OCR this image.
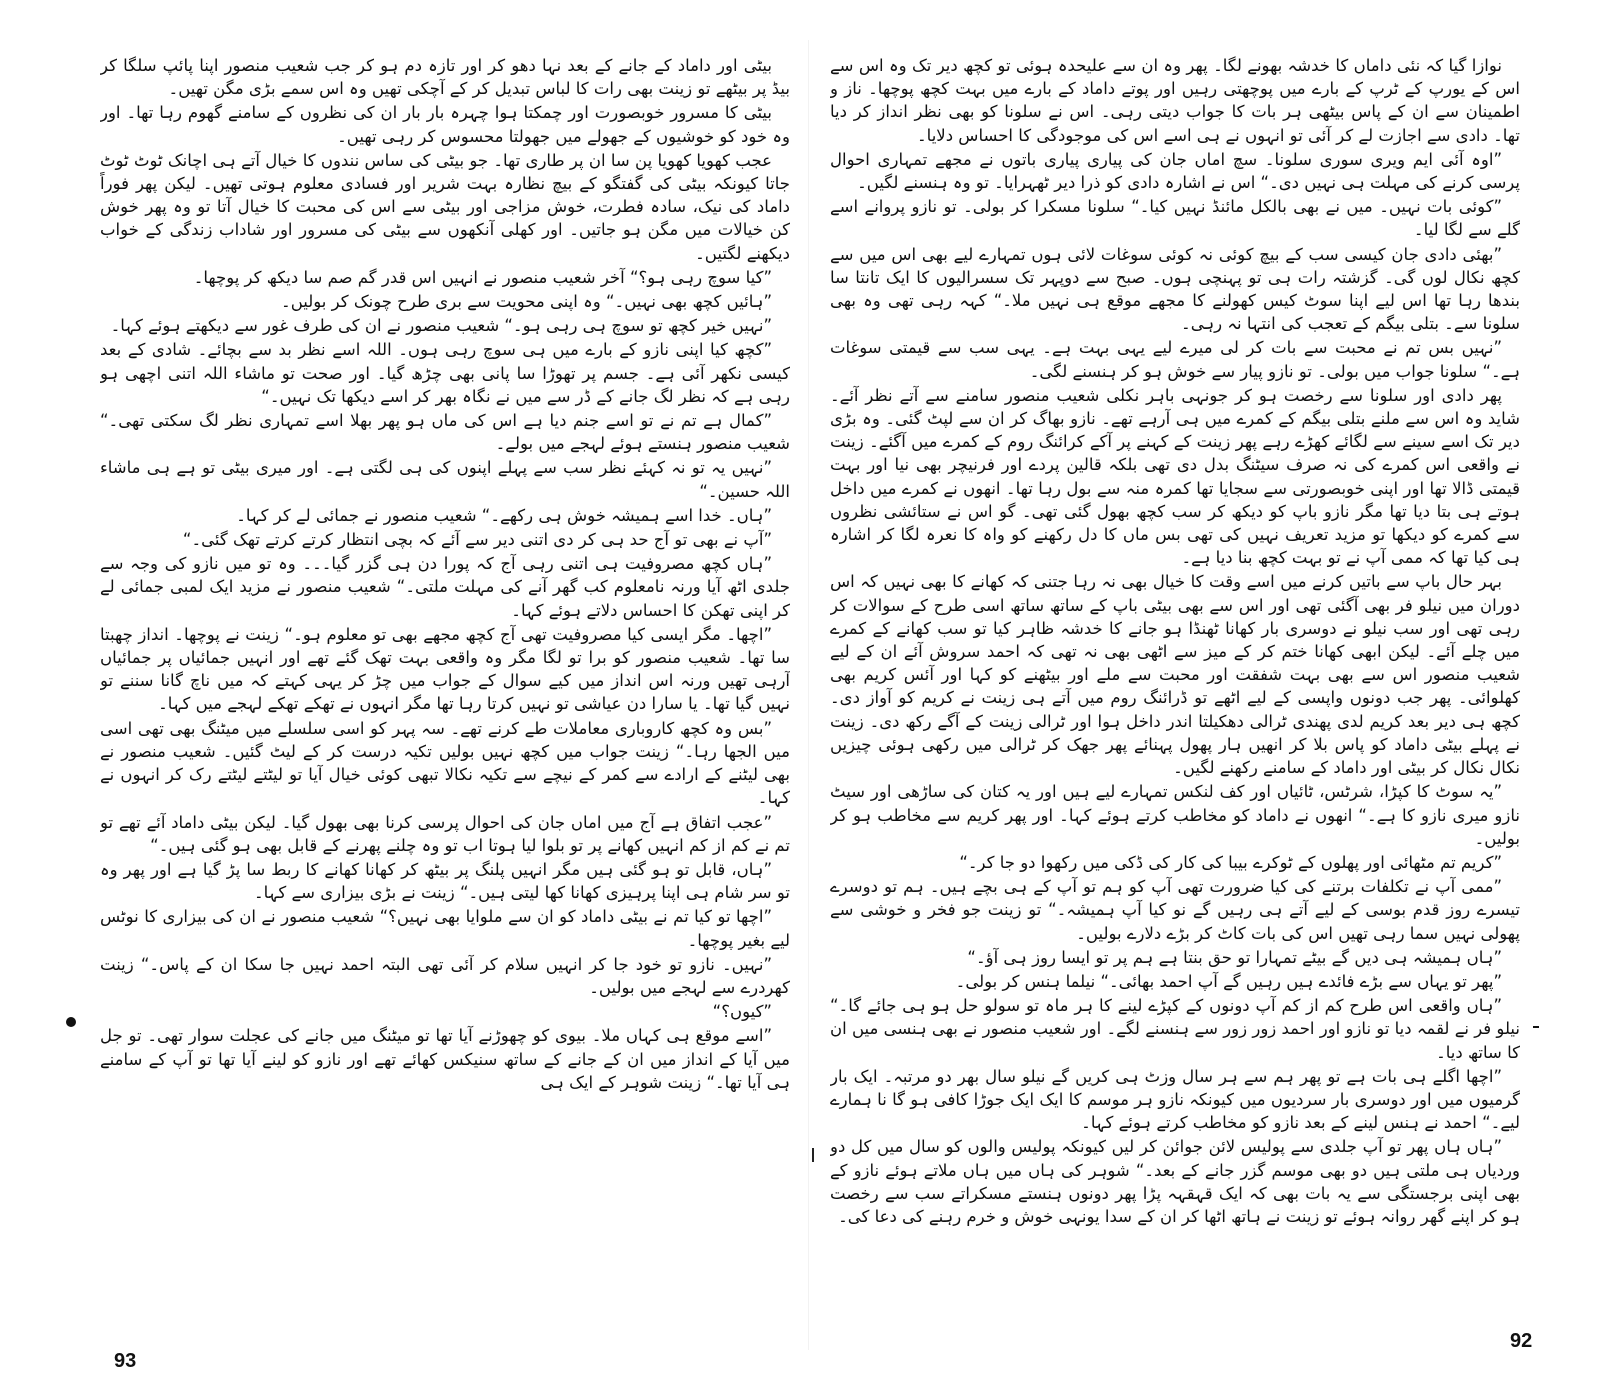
بیٹی اور داماد کے جانے کے بعد نہا دھو کر اور تازہ دم ہو کر جب شعیب منصور اپنا پائپ سلگا کر بیڈ پر بیٹھے تو زینت بھی رات کا لباس تبدیل کر کے آچکی تھیں وہ اس سمے بڑی مگن تھیں۔

بیٹی کا مسرور خوبصورت اور چمکتا ہوا چہرہ بار بار ان کی نظروں کے سامنے گھوم رہا تھا۔ اور وہ خود کو خوشیوں کے جھولے میں جھولتا محسوس کر رہی تھیں۔

عجب کھویا کھویا پن سا ان پر طاری تھا۔ جو بیٹی کی ساس نندوں کا خیال آتے ہی اچانک ٹوٹ ٹوٹ جاتا کیونکہ بیٹی کی گفتگو کے بیچ نظارہ بہت شریر اور فسادی معلوم ہوتی تھیں۔ لیکن پھر فوراً داماد کی نیک، سادہ فطرت، خوش مزاجی اور بیٹی سے اس کی محبت کا خیال آتا تو وہ پھر خوش کن خیالات میں مگن ہو جاتیں۔ اور کھلی آنکھوں سے بیٹی کی مسرور اور شاداب زندگی کے خواب دیکھنے لگتیں۔

”کیا سوچ رہی ہو؟“ آخر شعیب منصور نے انہیں اس قدر گم صم سا دیکھ کر پوچھا۔

”ہائیں کچھ بھی نہیں۔“ وہ اپنی محویت سے بری طرح چونک کر بولیں۔

”نہیں خیر کچھ تو سوچ ہی رہی ہو۔“ شعیب منصور نے ان کی طرف غور سے دیکھتے ہوئے کہا۔

”کچھ کیا اپنی نازو کے بارے میں ہی سوچ رہی ہوں۔ اللہ اسے نظر بد سے بچائے۔ شادی کے بعد کیسی نکھر آئی ہے۔ جسم پر تھوڑا سا پانی بھی چڑھ گیا۔ اور صحت تو ماشاء اللہ اتنی اچھی ہو رہی ہے کہ نظر لگ جانے کے ڈر سے میں نے نگاہ بھر کر اسے دیکھا تک نہیں۔“

”کمال ہے تم نے تو اسے جنم دیا ہے اس کی ماں ہو پھر بھلا اسے تمہاری نظر لگ سکتی تھی۔“ شعیب منصور ہنستے ہوئے لہجے میں بولے۔

”نہیں یہ تو نہ کہئے نظر سب سے پہلے اپنوں کی ہی لگتی ہے۔ اور میری بیٹی تو ہے ہی ماشاء اللہ حسین۔“

”ہاں۔ خدا اسے ہمیشہ خوش ہی رکھے۔“ شعیب منصور نے جمائی لے کر کہا۔

”آپ نے بھی تو آج حد ہی کر دی اتنی دیر سے آئے کہ بچی انتظار کرتے کرتے تھک گئی۔“

”ہاں کچھ مصروفیت ہی اتنی رہی آج کہ پورا دن ہی گزر گیا۔۔۔ وہ تو میں نازو کی وجہ سے جلدی اٹھ آیا ورنہ نامعلوم کب گھر آنے کی مہلت ملتی۔“ شعیب منصور نے مزید ایک لمبی جمائی لے کر اپنی تھکن کا احساس دلاتے ہوئے کہا۔

”اچھا۔ مگر ایسی کیا مصروفیت تھی آج کچھ مجھے بھی تو معلوم ہو۔“ زینت نے پوچھا۔ انداز چھبتا سا تھا۔ شعیب منصور کو برا تو لگا مگر وہ واقعی بہت تھک گئے تھے اور انہیں جمائیاں پر جمائیاں آرہی تھیں ورنہ اس انداز میں کیے سوال کے جواب میں چڑ کر یہی کہتے کہ میں ناچ گانا سننے تو نہیں گیا تھا۔ یا سارا دن عیاشی تو نہیں کرتا رہا تھا مگر انہوں نے تھکے تھکے لہجے میں کہا۔

”بس وہ کچھ کاروباری معاملات طے کرنے تھے۔ سہ پہر کو اسی سلسلے میں میٹنگ بھی تھی اسی میں الجھا رہا۔“ زینت جواب میں کچھ نہیں بولیں تکیہ درست کر کے لیٹ گئیں۔ شعیب منصور نے بھی لیٹنے کے ارادے سے کمر کے نیچے سے تکیہ نکالا تبھی کوئی خیال آیا تو لیٹتے لیٹتے رک کر انہوں نے کہا۔

”عجب اتفاق ہے آج میں اماں جان کی احوال پرسی کرنا بھی بھول گیا۔ لیکن بیٹی داماد آئے تھے تو تم نے کم از کم انہیں کھانے پر تو بلوا لیا ہوتا اب تو وہ چلنے پھرنے کے قابل بھی ہو گئی ہیں۔“

”ہاں، قابل تو ہو گئی ہیں مگر انہیں پلنگ پر بیٹھ کر کھانا کھانے کا ربط سا پڑ گیا ہے اور پھر وہ تو سر شام ہی اپنا پرہیزی کھانا کھا لیتی ہیں۔“ زینت نے بڑی بیزاری سے کہا۔

”اچھا تو کیا تم نے بیٹی داماد کو ان سے ملوایا بھی نہیں؟“ شعیب منصور نے ان کی بیزاری کا نوٹس لیے بغیر پوچھا۔

”نہیں۔ نازو تو خود جا کر انہیں سلام کر آئی تھی البتہ احمد نہیں جا سکا ان کے پاس۔“ زینت کھردرے سے لہجے میں بولیں۔

”کیوں؟“

”اسے موقع ہی کہاں ملا۔ بیوی کو چھوڑنے آیا تھا تو میٹنگ میں جانے کی عجلت سوار تھی۔ تو جل میں آیا کے انداز میں ان کے جانے کے ساتھ سنیکس کھائے تھے اور نازو کو لینے آیا تھا تو آپ کے سامنے ہی آیا تھا۔“ زینت شوہر کے ایک ہی

نوازا گیا کہ نئی داماں کا خدشہ بھونے لگا۔ پھر وہ ان سے علیحدہ ہوئی تو کچھ دیر تک وہ اس سے اس کے یورپ کے ٹرپ کے بارے میں پوچھتی رہیں اور پوتے داماد کے بارے میں بہت کچھ پوچھا۔ ناز و اطمینان سے ان کے پاس بیٹھی ہر بات کا جواب دیتی رہی۔ اس نے سلونا کو بھی نظر انداز کر دیا تھا۔ دادی سے اجازت لے کر آئی تو انہوں نے ہی اسے اس کی موجودگی کا احساس دلایا۔

”اوہ آئی ایم ویری سوری سلونا۔ سچ اماں جان کی پیاری پیاری باتوں نے مجھے تمہاری احوال پرسی کرنے کی مہلت ہی نہیں دی۔“ اس نے اشارہ دادی کو ذرا دیر ٹھہرایا۔ تو وہ ہنسنے لگیں۔

”کوئی بات نہیں۔ میں نے بھی بالکل مائنڈ نہیں کیا۔“ سلونا مسکرا کر بولی۔ تو نازو پروانے اسے گلے سے لگا لیا۔

”بھئی دادی جان کیسی سب کے بیچ کوئی نہ کوئی سوغات لائی ہوں تمہارے لیے بھی اس میں سے کچھ نکال لوں گی۔ گزشتہ رات ہی تو پہنچی ہوں۔ صبح سے دوپہر تک سسرالیوں کا ایک تانتا سا بندھا رہا تھا اس لیے اپنا سوٹ کیس کھولنے کا مجھے موقع ہی نہیں ملا۔“ کہہ رہی تھی وہ بھی سلونا سے۔ بتلی بیگم کے تعجب کی انتہا نہ رہی۔

”نہیں بس تم نے محبت سے بات کر لی میرے لیے یہی بہت ہے۔ یہی سب سے قیمتی سوغات ہے۔“ سلونا جواب میں بولی۔ تو نازو پیار سے خوش ہو کر ہنسنے لگی۔

پھر دادی اور سلونا سے رخصت ہو کر جونہی باہر نکلی شعیب منصور سامنے سے آتے نظر آئے۔ شاید وہ اس سے ملنے بتلی بیگم کے کمرے میں ہی آرہے تھے۔ نازو بھاگ کر ان سے لپٹ گئی۔ وہ بڑی دیر تک اسے سینے سے لگائے کھڑے رہے پھر زینت کے کہنے پر آکے کرائنگ روم کے کمرے میں آگئے۔ زینت نے واقعی اس کمرے کی نہ صرف سیٹنگ بدل دی تھی بلکہ قالین پردے اور فرنیچر بھی نیا اور بہت قیمتی ڈالا تھا اور اپنی خوبصورتی سے سجایا تھا کمرہ منہ سے بول رہا تھا۔ انھوں نے کمرے میں داخل ہوتے ہی بتا دیا تھا مگر نازو باپ کو دیکھ کر سب کچھ بھول گئی تھی۔ گو اس نے ستائشی نظروں سے کمرے کو دیکھا تو مزید تعریف نہیں کی تھی بس ماں کا دل رکھنے کو واہ کا نعرہ لگا کر اشارہ ہی کیا تھا کہ ممی آپ نے تو بہت کچھ بنا دیا ہے۔

بہر حال باپ سے باتیں کرنے میں اسے وقت کا خیال بھی نہ رہا جتنی کہ کھانے کا بھی نہیں کہ اس دوران میں نیلو فر بھی آگئی تھی اور اس سے بھی بیٹی باپ کے ساتھ ساتھ اسی طرح کے سوالات کر رہی تھی اور سب نیلو نے دوسری بار کھانا ٹھنڈا ہو جانے کا خدشہ ظاہر کیا تو سب کھانے کے کمرے میں چلے آئے۔ لیکن ابھی کھانا ختم کر کے میز سے اٹھی بھی نہ تھی کہ احمد سروش آئے ان کے لیے شعیب منصور اس سے بھی بہت شفقت اور محبت سے ملے اور بیٹھنے کو کہا اور آئس کریم بھی کھلوائی۔ پھر جب دونوں واپسی کے لیے اٹھے تو ڈرائنگ روم میں آتے ہی زینت نے کریم کو آواز دی۔ کچھ ہی دیر بعد کریم لدی پھندی ٹرالی دھکیلتا اندر داخل ہوا اور ٹرالی زینت کے آگے رکھ دی۔ زینت نے پہلے بیٹی داماد کو پاس بلا کر انھیں ہار پھول پہنائے پھر جھک کر ٹرالی میں رکھی ہوئی چیزیں نکال نکال کر بیٹی اور داماد کے سامنے رکھنے لگیں۔

”یہ سوٹ کا کپڑا، شرٹس، ٹائیاں اور کف لنکس تمہارے لیے ہیں اور یہ کتان کی ساڑھی اور سیٹ نازو میری نازو کا ہے۔“ انھوں نے داماد کو مخاطب کرتے ہوئے کہا۔ اور پھر کریم سے مخاطب ہو کر بولیں۔

”کریم تم مٹھائی اور پھلوں کے ٹوکرے بیبا کی کار کی ڈکی میں رکھوا دو جا کر۔“

”ممی آپ نے تکلفات برتنے کی کیا ضرورت تھی آپ کو ہم تو آپ کے ہی بچے ہیں۔ ہم تو دوسرے تیسرے روز قدم بوسی کے لیے آتے ہی رہیں گے نو کیا آپ ہمیشہ۔“ تو زینت جو فخر و خوشی سے پھولی نہیں سما رہی تھیں اس کی بات کاٹ کر بڑے دلارے بولیں۔

”ہاں ہمیشہ ہی دیں گے بیٹے تمہارا تو حق بنتا ہے ہم پر تو ایسا روز ہی آؤ۔“

”پھر تو یہاں سے بڑے فائدے ہیں رہیں گے آپ احمد بھائی۔“ نیلما ہنس کر بولی۔

”ہاں واقعی اس طرح کم از کم آپ دونوں کے کپڑے لینے کا ہر ماہ تو سولو حل ہو ہی جائے گا۔“ نیلو فر نے لقمہ دیا تو نازو اور احمد زور زور سے ہنسنے لگے۔ اور شعیب منصور نے بھی ہنسی میں ان کا ساتھ دیا۔

”اچھا اگلے ہی بات ہے تو پھر ہم سے ہر سال وزٹ ہی کریں گے نیلو سال بھر دو مرتبہ۔ ایک بار گرمیوں میں اور دوسری بار سردیوں میں کیونکہ نازو ہر موسم کا ایک ایک جوڑا کافی ہو گا نا ہمارے لیے۔“ احمد نے ہنس لینے کے بعد نازو کو مخاطب کرتے ہوئے کہا۔

”ہاں ہاں پھر تو آپ جلدی سے پولیس لائن جوائن کر لیں کیونکہ پولیس والوں کو سال میں کل دو وردیاں ہی ملتی ہیں دو بھی موسم گزر جانے کے بعد۔“ شوہر کی ہاں میں ہاں ملاتے ہوئے نازو کے بھی اپنی برجستگی سے یہ بات بھی کہ ایک قہقہہ پڑا پھر دونوں ہنستے مسکراتے سب سے رخصت ہو کر اپنے گھر روانہ ہوئے تو زینت نے ہاتھ اٹھا کر ان کے سدا یونہی خوش و خرم رہنے کی دعا کی۔

93
92
